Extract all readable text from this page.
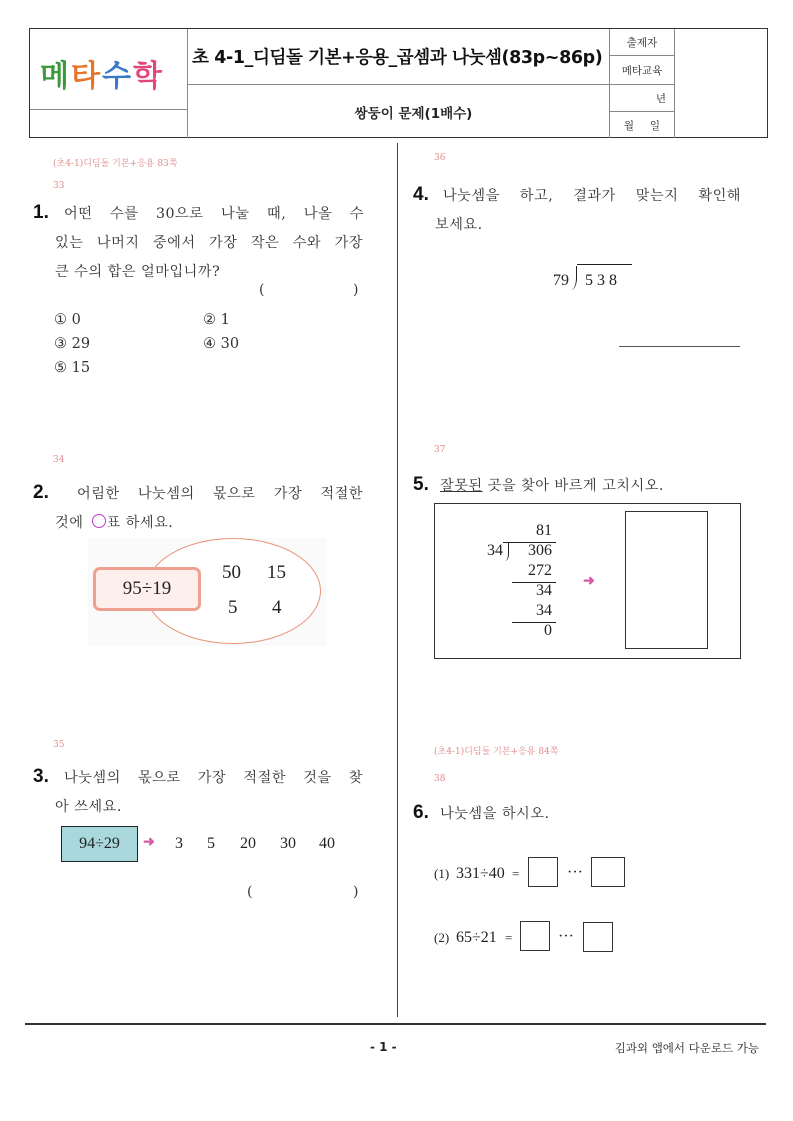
메 타 수 학
초 4-1_디딤돌 기본+응용_곱셈과 나눗셈(83p~86p)
쌍둥이 문제(1배수)
출제자
메타교육
년
월 일
(초4-1)디딤돌 기본+응용 83쪽
33
1. 어떤 수를 30으로 나눌 때, 나올 수
있는 나머지 중에서 가장 작은 수와 가장
큰 수의 합은 얼마입니까?
(	)
① 0	② 1
③ 29	④ 30
⑤ 15
34
2. 어림한 나눗셈의 몫으로 가장 적절한
것에 ○표 하세요.
95÷19
50 15
5 4
35
3.	나눗셈의 몫으로 가장 적절한 것을 찾
아 쓰세요.
94÷29 ➜ 3 5 20 30 40
(	)
36
4. 나눗셈을 하고, 결과가 맞는지 확인해
보세요.
79 5 3 8
37
5. 잘못된 곳을 찾아 바르게 고치시오.
81
34 306
272
34
34
0
➜
(초4-1)디딤돌 기본+응용 84쪽
38
6. 나눗셈을 하시오.
(1) 331÷40 =	···
(2) 65÷21 =	···
- 1 -	김과외 앱에서 다운로드 가능
